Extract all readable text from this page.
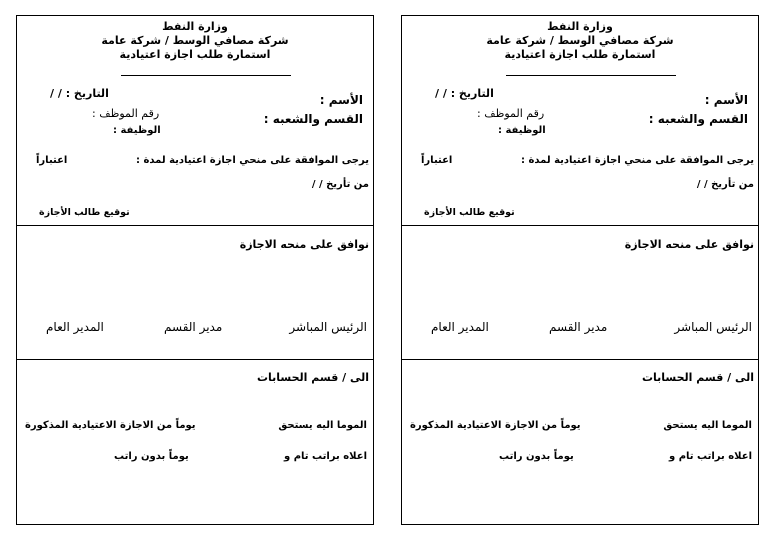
وزارة النفط
شركة مصافي الوسط / شركة عامة
استمارة طلب اجازة اعتيادية
التاريخ : / /	الأسم :
رقم الموظف :	القسم والشعبه :
الوظيفة :
يرجى الموافقة على منحي اجازة اعتيادية لمدة :
اعتباراً
من تأريخ / /
توقيع طالب الأجازة
نوافق على منحه الاجازة
الرئيس المباشر
مدير القسم
المدير العام
الى / قسم الحسابات
الموما اليه يستحق
يوماً من الاجازة الاعتيادية المذكورة
اعلاه براتب تام و
يوماً بدون راتب
وزارة النفط
شركة مصافي الوسط / شركة عامة
استمارة طلب اجازة اعتيادية
التاريخ : / /	الأسم :
رقم الموظف :	القسم والشعبه :
الوظيفة :
يرجى الموافقة على منحي اجازة اعتيادية لمدة :
اعتباراً
من تأريخ / /
توقيع طالب الأجازة
نوافق على منحه الاجازة
الرئيس المباشر
مدير القسم
المدير العام
الى / قسم الحسابات
الموما اليه يستحق
يوماً من الاجازة الاعتيادية المذكورة
اعلاه براتب تام و
يوماً بدون راتب
